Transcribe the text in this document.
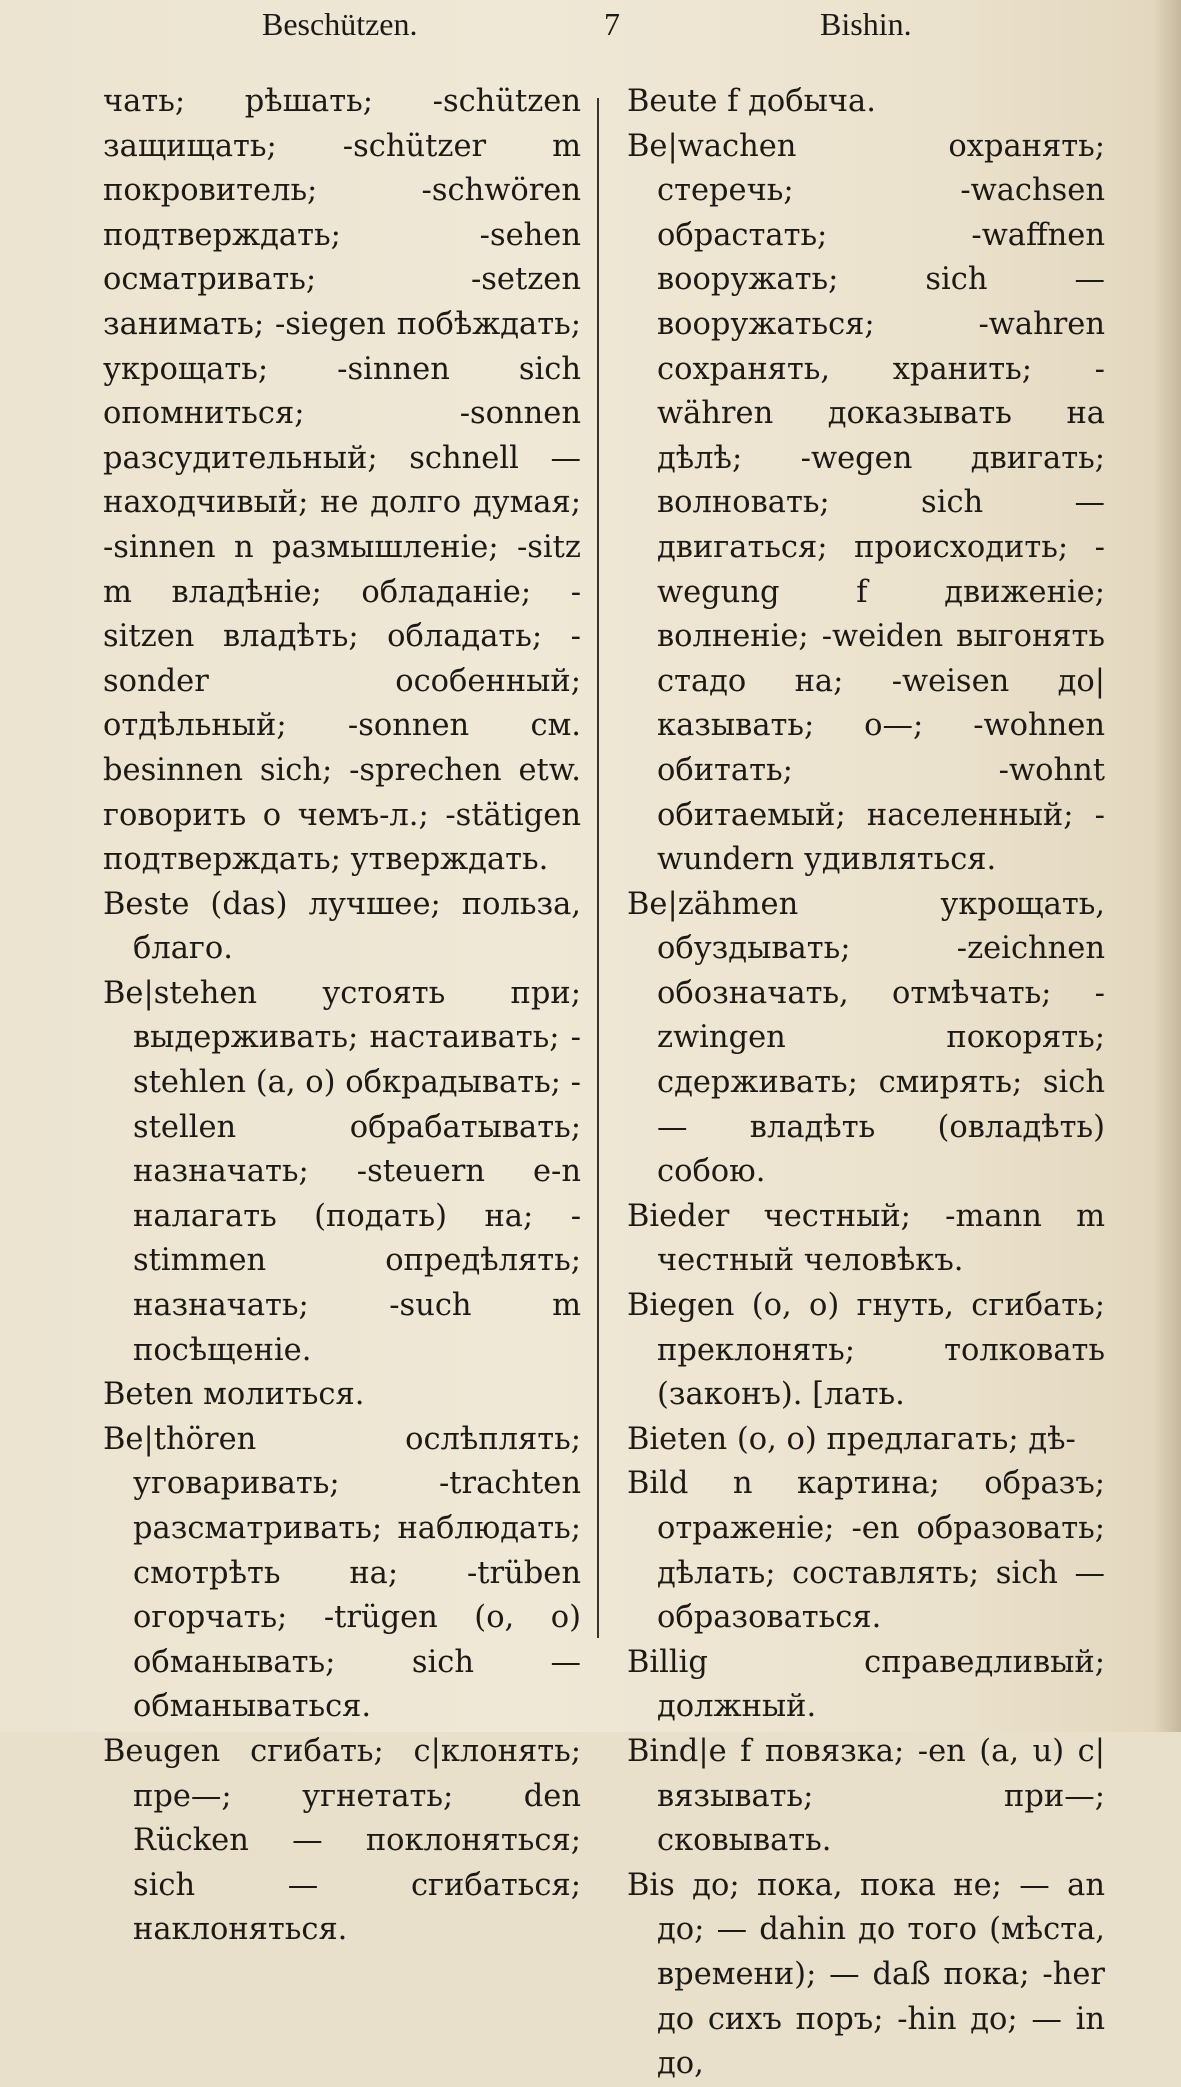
Beschützen.	7	Bishin.

чать; рѣшать; -schützen защищать; -schützer m покровитель; -schwören подтверждать; -sehen осматривать; -setzen занимать; -siegen побѣждать; укрощать; -sinnen sich опомниться; -sonnen разсудительный; schnell — находчивый; не долго думая; -sinnen n размышленіе; -sitz m владѣніе; обладаніе; -sitzen владѣть; обладать; -sonder особенный; отдѣльный; -sonnen см. besinnen sich; -sprechen etw. говорить о чемъ-л.; -stätigen подтверждать; утверждать.

Beste (das) лучшее; польза, благо.

Be|stehen устоять при; выдерживать; настаивать; -stehlen (a, o) обкрадывать; -stellen обрабатывать; назначать; -steuern e-n налагать (подать) на; -stimmen опредѣлять; назначать; -such m посѣщеніе.

Beten молиться.

Be|thören ослѣплять; уговаривать; -trachten разсматривать; наблюдать; смотрѣть на; -trüben огорчать; -trügen (o, o) обманывать; sich — обманываться.

Beugen сгибать; с|клонять; пре—; угнетать; den Rücken — поклоняться; sich — сгибаться; наклоняться.

Beute f добыча.

Be|wachen охранять; стеречь; -wachsen обрастать; -waffnen вооружать; sich — вооружаться; -wahren сохранять, хранить; -währen доказывать на дѣлѣ; -wegen двигать; волновать; sich — двигаться; происходить; -wegung f движеніе; волненіе; -weiden выгонять стадо на; -weisen до|казывать; о—; -wohnen обитать; -wohnt обитаемый; населенный; -wundern удивляться.

Be|zähmen укрощать, обуздывать; -zeichnen обозначать, отмѣчать; -zwingen покорять; сдерживать; смирять; sich — владѣть (овладѣть) собою.

Bieder честный; -mann m честный человѣкъ.

Biegen (o, o) гнуть, сгибать; преклонять; толковать (законъ). [лать.

Bieten (o, o) предлагать; дѣ-

Bild n картина; образъ; отраженіе; -en образовать; дѣлать; составлять; sich — образоваться.

Billig справедливый; должный.

Bind|e f повязка; -en (a, u) с|вязывать; при—; сковывать.

Bis до; пока, пока не; — an до; — dahin до того (мѣста, времени); — daß пока; -her до сихъ поръ; -hin до; — in до,
